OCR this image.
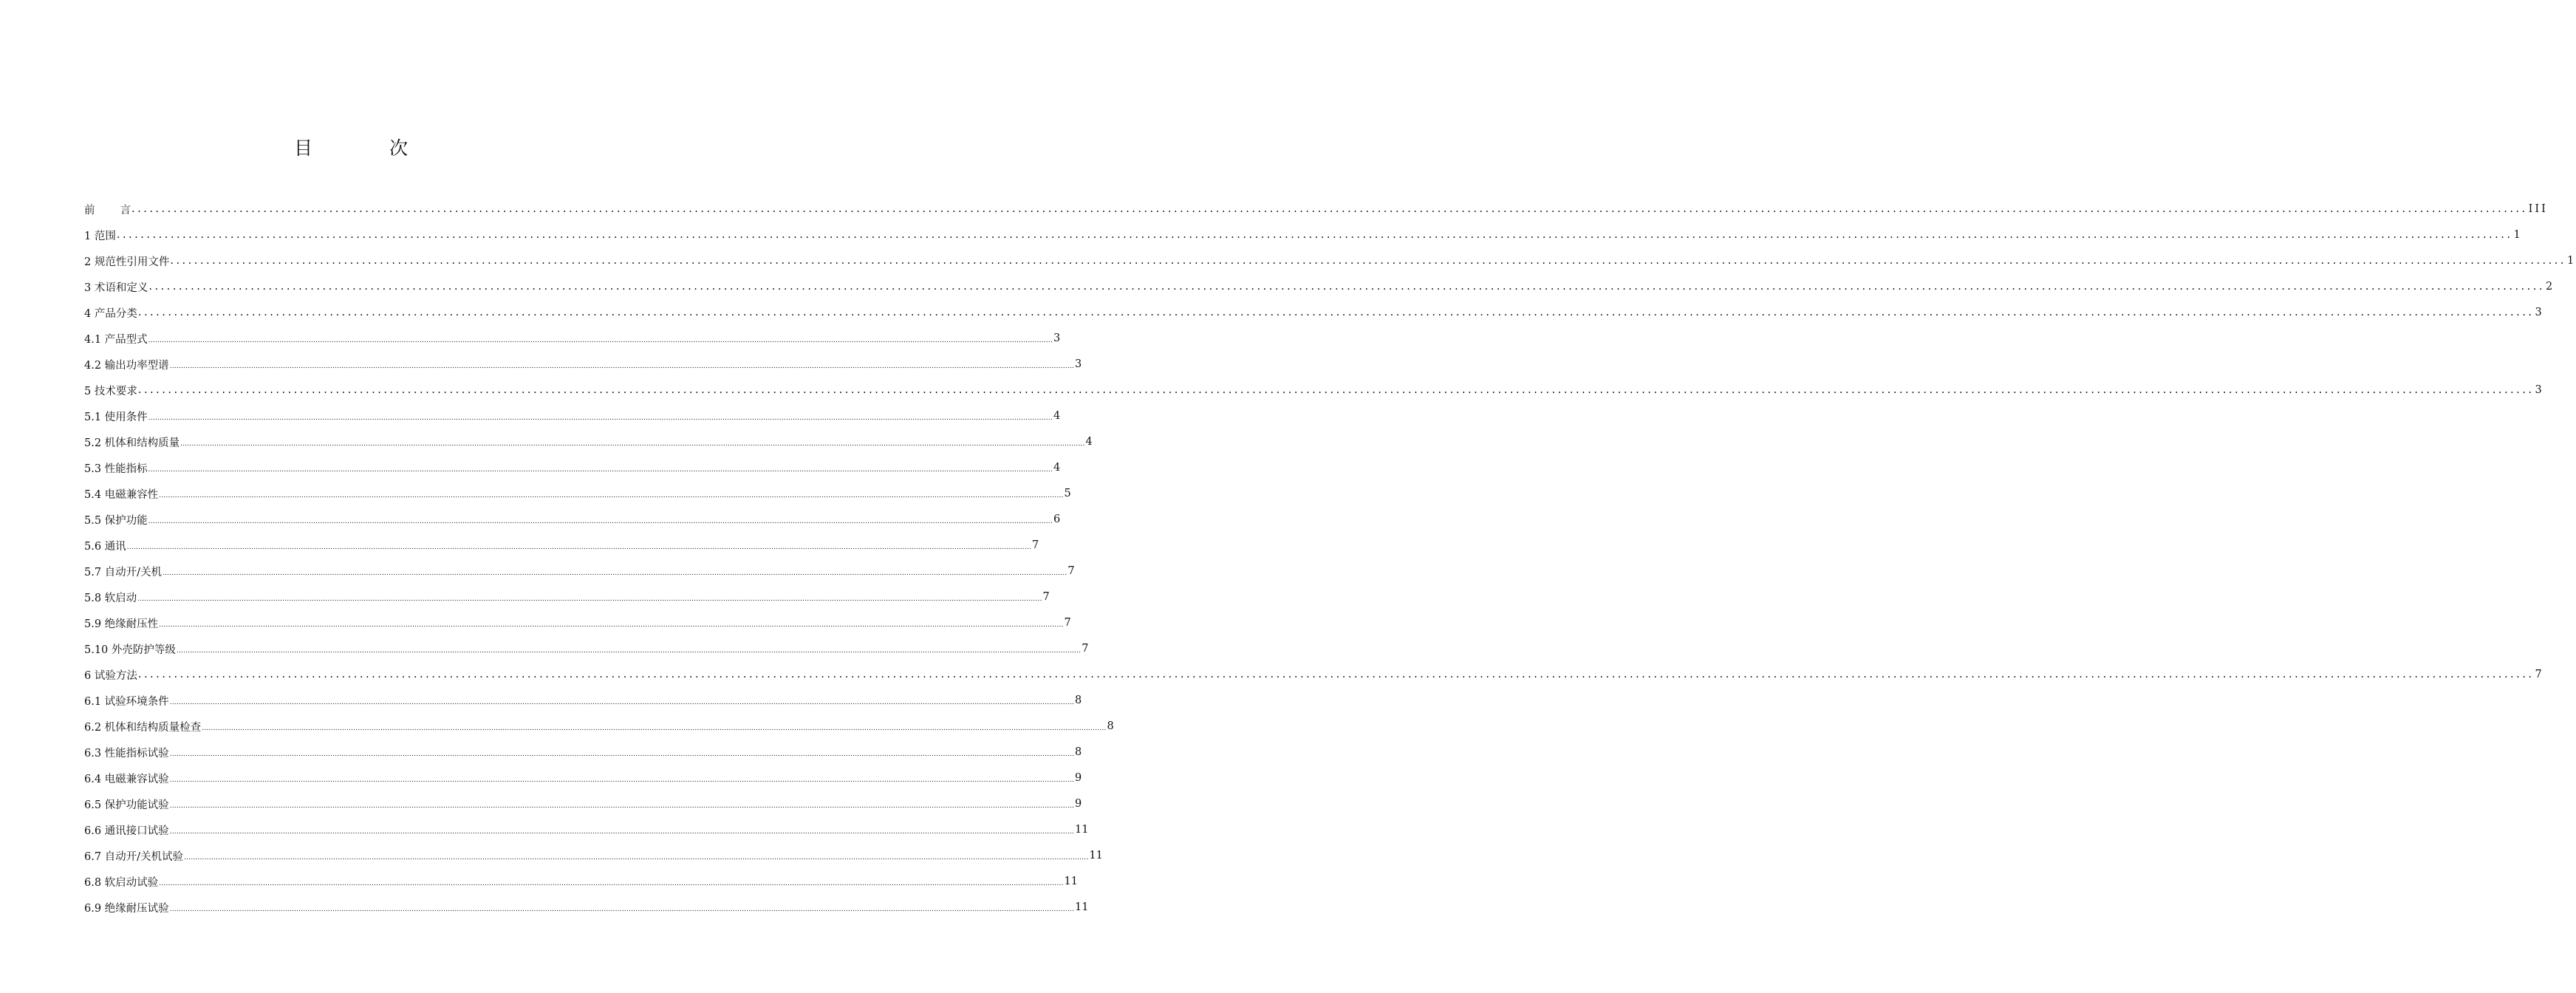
目 次
前言 ................................................................................................................................................................................................................................................................................................................................................................................................................ III
1 范围 ................................................................................................................................................................................................................................................................................................................................................................................................................ 1
2 规范性引用文件 ................................................................................................................................................................................................................................................................................................................................................................................................................ 1
3 术语和定义 ................................................................................................................................................................................................................................................................................................................................................................................................................ 2
4 产品分类 ................................................................................................................................................................................................................................................................................................................................................................................................................ 3
4.1 产品型式 ................................................................................................................................................................................................................................................................................................................................................................................................................ 3
4.2 输出功率型谱 ................................................................................................................................................................................................................................................................................................................................................................................................................ 3
5 技术要求 ................................................................................................................................................................................................................................................................................................................................................................................................................ 3
5.1 使用条件 ................................................................................................................................................................................................................................................................................................................................................................................................................ 4
5.2 机体和结构质量 ................................................................................................................................................................................................................................................................................................................................................................................................................ 4
5.3 性能指标 ................................................................................................................................................................................................................................................................................................................................................................................................................ 4
5.4 电磁兼容性 ................................................................................................................................................................................................................................................................................................................................................................................................................ 5
5.5 保护功能 ................................................................................................................................................................................................................................................................................................................................................................................................................ 6
5.6 通讯 ................................................................................................................................................................................................................................................................................................................................................................................................................ 7
5.7 自动开/关机 ................................................................................................................................................................................................................................................................................................................................................................................................................ 7
5.8 软启动 ................................................................................................................................................................................................................................................................................................................................................................................................................ 7
5.9 绝缘耐压性 ................................................................................................................................................................................................................................................................................................................................................................................................................ 7
5.10 外壳防护等级 ................................................................................................................................................................................................................................................................................................................................................................................................................ 7
6 试验方法 ................................................................................................................................................................................................................................................................................................................................................................................................................ 7
6.1 试验环境条件 ................................................................................................................................................................................................................................................................................................................................................................................................................ 8
6.2 机体和结构质量检查 ................................................................................................................................................................................................................................................................................................................................................................................................................ 8
6.3 性能指标试验 ................................................................................................................................................................................................................................................................................................................................................................................................................ 8
6.4 电磁兼容试验 ................................................................................................................................................................................................................................................................................................................................................................................................................ 9
6.5 保护功能试验 ................................................................................................................................................................................................................................................................................................................................................................................................................ 9
6.6 通讯接口试验 ................................................................................................................................................................................................................................................................................................................................................................................................................ 11
6.7 自动开/关机试验 ................................................................................................................................................................................................................................................................................................................................................................................................................ 11
6.8 软启动试验 ................................................................................................................................................................................................................................................................................................................................................................................................................ 11
6.9 绝缘耐压试验 ................................................................................................................................................................................................................................................................................................................................................................................................................ 11
